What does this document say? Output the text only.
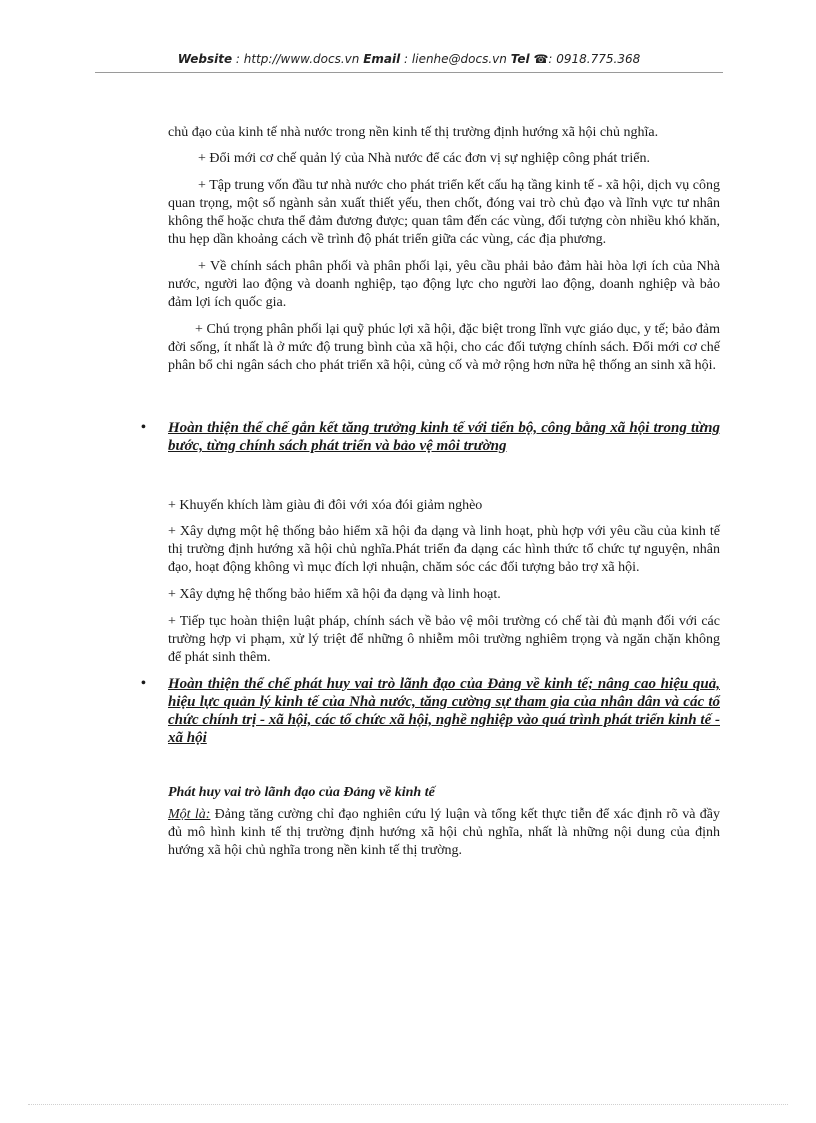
Website : http://www.docs.vn Email : lienhe@docs.vn Tel ☎: 0918.775.368

chủ đạo của kinh tế nhà nước trong nền kinh tế thị trường định hướng xã hội chủ nghĩa.

+ Đổi mới cơ chế quản lý của Nhà nước để các đơn vị sự nghiệp công phát triển.

+ Tập trung vốn đầu tư nhà nước cho phát triển kết cấu hạ tầng kinh tế - xã hội, dịch vụ công quan trọng, một số ngành sản xuất thiết yếu, then chốt, đóng vai trò chủ đạo và lĩnh vực tư nhân không thể hoặc chưa thể đảm đương được; quan tâm đến các vùng, đối tượng còn nhiều khó khăn, thu hẹp dần khoảng cách về trình độ phát triển giữa các vùng, các địa phương.

+ Về chính sách phân phối và phân phối lại, yêu cầu phải bảo đảm hài hòa lợi ích của Nhà nước, người lao động và doanh nghiệp, tạo động lực cho người lao động, doanh nghiệp và bảo đảm lợi ích quốc gia.

+ Chú trọng phân phối lại quỹ phúc lợi xã hội, đặc biệt trong lĩnh vực giáo dục, y tế; bảo đảm đời sống, ít nhất là ở mức độ trung bình của xã hội, cho các đối tượng chính sách. Đổi mới cơ chế phân bổ chi ngân sách cho phát triển xã hội, củng cố và mở rộng hơn nữa hệ thống an sinh xã hội.

• Hoàn thiện thể chế gắn kết tăng trưởng kinh tế với tiến bộ, công bằng xã hội trong từng bước, từng chính sách phát triển và bảo vệ môi trường

+ Khuyến khích làm giàu đi đôi với xóa đói giảm nghèo

+ Xây dựng một hệ thống bảo hiểm xã hội đa dạng và linh hoạt, phù hợp với yêu cầu của kinh tế thị trường định hướng xã hội chủ nghĩa.Phát triển đa dạng các hình thức tổ chức tự nguyện, nhân đạo, hoạt động không vì mục đích lợi nhuận, chăm sóc các đối tượng bảo trợ xã hội.

+ Xây dựng hệ thống bảo hiểm xã hội đa dạng và linh hoạt.

+ Tiếp tục hoàn thiện luật pháp, chính sách về bảo vệ môi trường có chế tài đủ mạnh đối với các trường hợp vi phạm, xử lý triệt để những ô nhiễm môi trường nghiêm trọng và ngăn chặn không để phát sinh thêm.

• Hoàn thiện thể chế phát huy vai trò lãnh đạo của Đảng về kinh tế; nâng cao hiệu quả, hiệu lực quản lý kinh tế của Nhà nước, tăng cường sự tham gia của nhân dân và các tổ chức chính trị - xã hội, các tổ chức xã hội, nghề nghiệp vào quá trình phát triển kinh tế - xã hội
Phát huy vai trò lãnh đạo của Đảng về kinh tế

Một là: Đảng tăng cường chỉ đạo nghiên cứu lý luận và tổng kết thực tiễn để xác định rõ và đầy đủ mô hình kinh tế thị trường định hướng xã hội chủ nghĩa, nhất là những nội dung của định hướng xã hội chủ nghĩa trong nền kinh tế thị trường.
